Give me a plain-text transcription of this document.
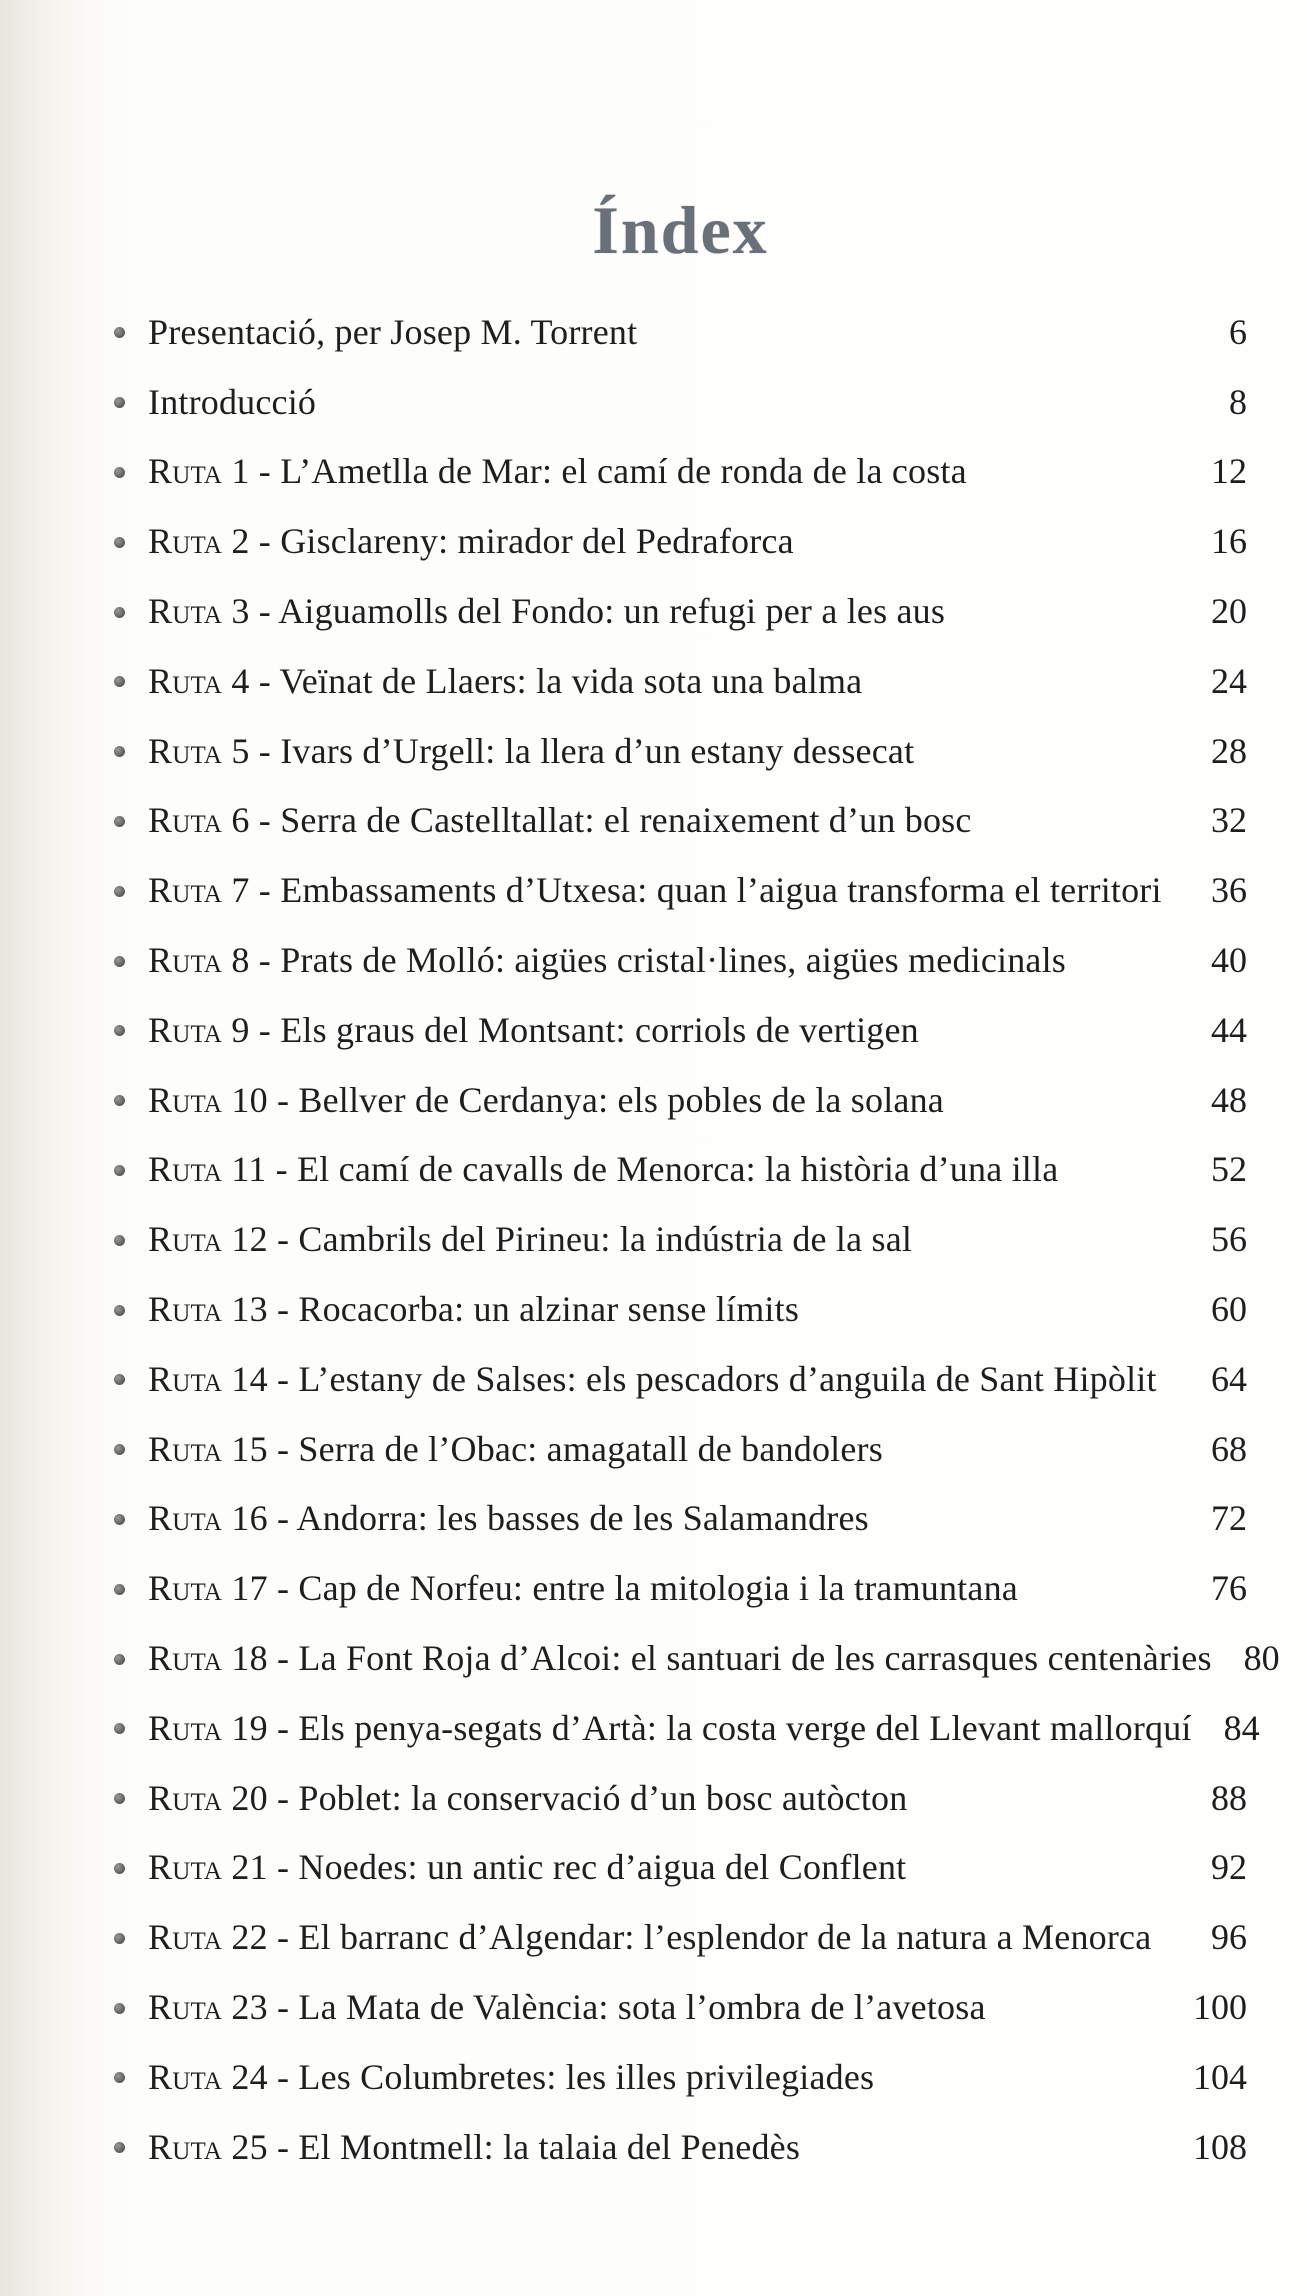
Índex
Presentació, per Josep M. Torrent	6
Introducció	8
Ruta 1 - L’Ametlla de Mar: el camí de ronda de la costa	12
Ruta 2 - Gisclareny: mirador del Pedraforca	16
Ruta 3 - Aiguamolls del Fondo: un refugi per a les aus	20
Ruta 4 - Veïnat de Llaers: la vida sota una balma	24
Ruta 5 - Ivars d’Urgell: la llera d’un estany dessecat	28
Ruta 6 - Serra de Castelltallat: el renaixement d’un bosc	32
Ruta 7 - Embassaments d’Utxesa: quan l’aigua transforma el territori	36
Ruta 8 - Prats de Molló: aigües cristal·lines, aigües medicinals	40
Ruta 9 - Els graus del Montsant: corriols de vertigen	44
Ruta 10 - Bellver de Cerdanya: els pobles de la solana	48
Ruta 11 - El camí de cavalls de Menorca: la història d’una illa	52
Ruta 12 - Cambrils del Pirineu: la indústria de la sal	56
Ruta 13 - Rocacorba: un alzinar sense límits	60
Ruta 14 - L’estany de Salses: els pescadors d’anguila de Sant Hipòlit	64
Ruta 15 - Serra de l’Obac: amagatall de bandolers	68
Ruta 16 - Andorra: les basses de les Salamandres	72
Ruta 17 - Cap de Norfeu: entre la mitologia i la tramuntana	76
Ruta 18 - La Font Roja d’Alcoi: el santuari de les carrasques centenàries 80
Ruta 19 - Els penya-segats d’Artà: la costa verge del Llevant mallorquí 84
Ruta 20 - Poblet: la conservació d’un bosc autòcton	88
Ruta 21 - Noedes: un antic rec d’aigua del Conflent	92
Ruta 22 - El barranc d’Algendar: l’esplendor de la natura a Menorca	96
Ruta 23 - La Mata de València: sota l’ombra de l’avetosa	100
Ruta 24 - Les Columbretes: les illes privilegiades	104
Ruta 25 - El Montmell: la talaia del Penedès	108
